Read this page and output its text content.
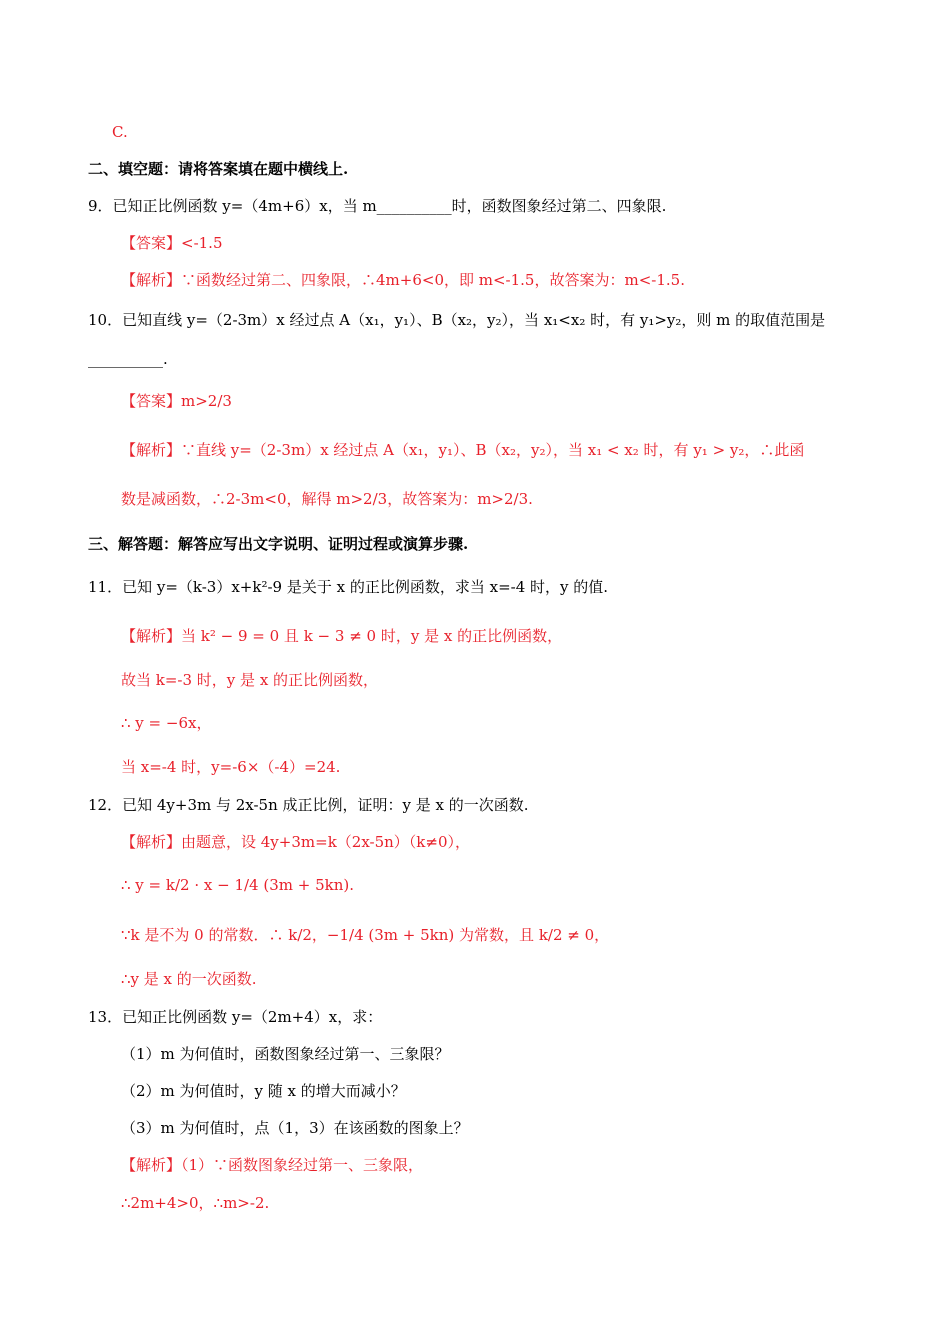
C.
二、填空题：请将答案填在题中横线上.
9．已知正比例函数 y=（4m+6）x，当 m__________时，函数图象经过第二、四象限.
【答案】<-1.5
【解析】∵函数经过第二、四象限，∴4m+6<0，即 m<-1.5，故答案为：m<-1.5.
10．已知直线 y=（2-3m）x 经过点 A（x₁，y₁）、B（x₂，y₂），当 x₁<x₂ 时，有 y₁>y₂，则 m 的取值范围是
__________.
【答案】m>2/3
【解析】∵直线 y=（2-3m）x 经过点 A（x₁，y₁）、B（x₂，y₂），当 x₁ < x₂ 时，有 y₁ > y₂，∴此函
数是减函数，∴2-3m<0，解得 m>2/3，故答案为：m>2/3.
三、解答题：解答应写出文字说明、证明过程或演算步骤.
11．已知 y=（k-3）x+k²-9 是关于 x 的正比例函数，求当 x=-4 时，y 的值.
【解析】当 k² − 9 = 0 且 k − 3 ≠ 0 时，y 是 x 的正比例函数，
故当 k=-3 时，y 是 x 的正比例函数，
∴ y = −6x，
当 x=-4 时，y=-6×（-4）=24.
12．已知 4y+3m 与 2x-5n 成正比例，证明：y 是 x 的一次函数.
【解析】由题意，设 4y+3m=k（2x-5n）（k≠0），
∴ y = k/2 · x − 1/4 (3m + 5kn).
∵k 是不为 0 的常数．∴ k/2，−1/4 (3m + 5kn) 为常数，且 k/2 ≠ 0，
∴y 是 x 的一次函数.
13．已知正比例函数 y=（2m+4）x，求：
（1）m 为何值时，函数图象经过第一、三象限？
（2）m 为何值时，y 随 x 的增大而减小？
（3）m 为何值时，点（1，3）在该函数的图象上？
【解析】（1）∵函数图象经过第一、三象限，
∴2m+4>0，∴m>-2.
